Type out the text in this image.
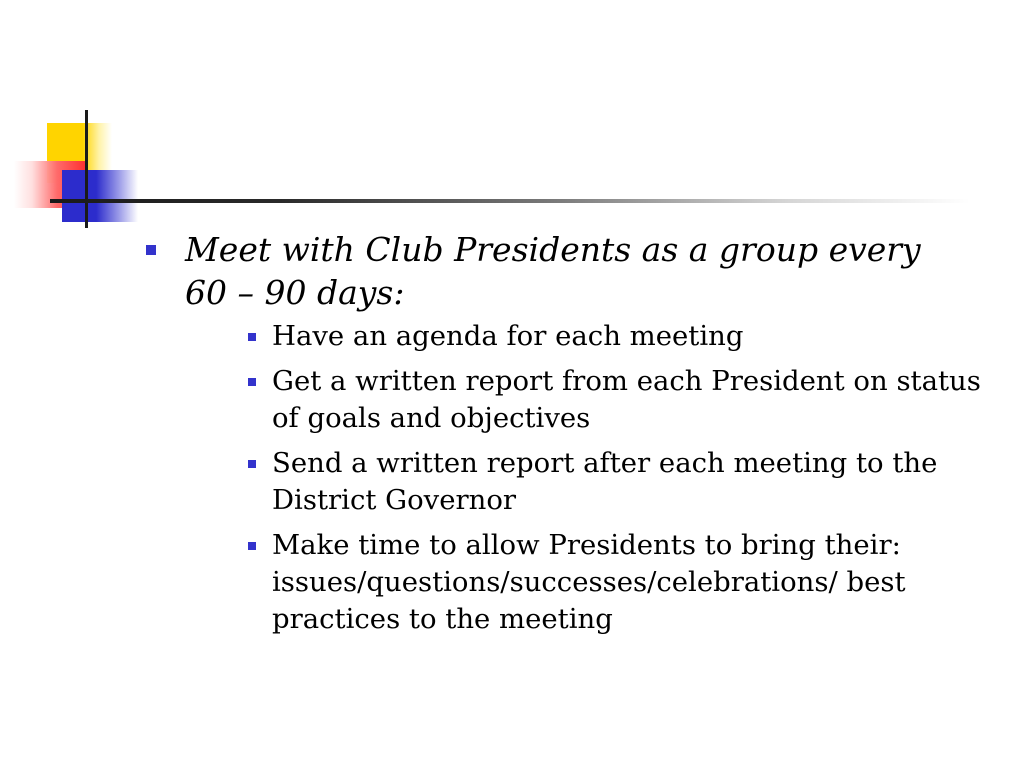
Meet with Club Presidents as a group every 60 – 90 days:
Have an agenda for each meeting
Get a written report from each President on status of goals and objectives
Send a written report after each meeting to the District Governor
Make time to allow Presidents to bring their: issues/questions/successes/celebrations/ best practices to the meeting
